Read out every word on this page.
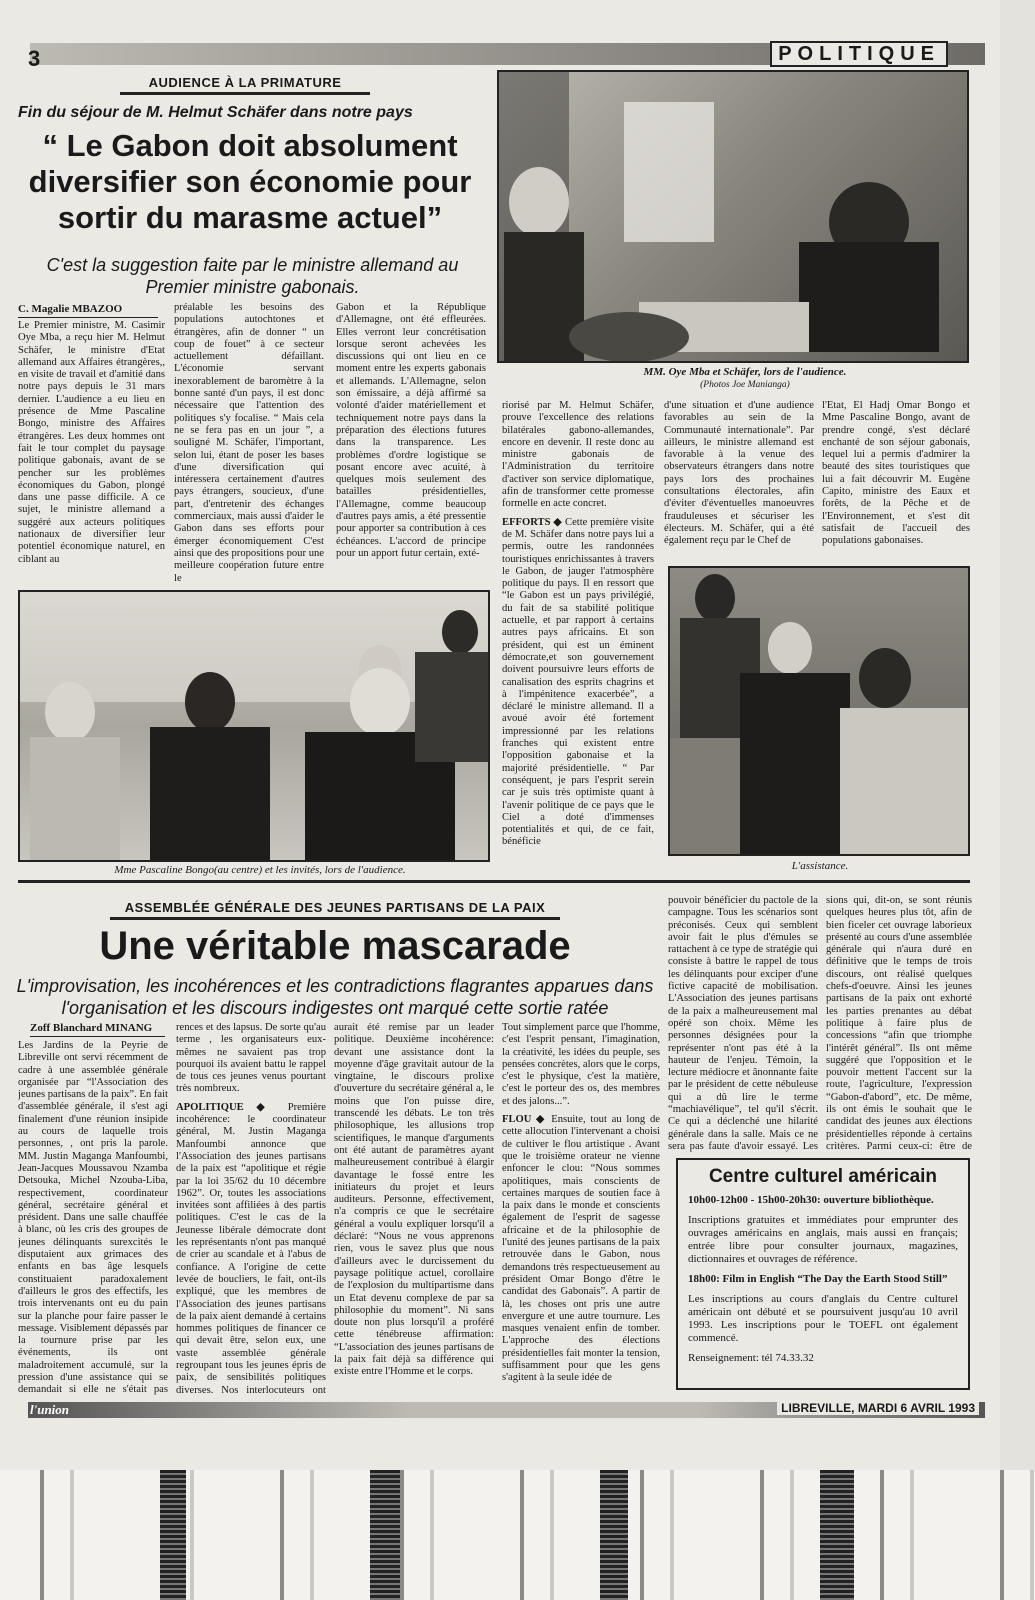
3	POLITIQUE
AUDIENCE À LA PRIMATURE
Fin du séjour de M. Helmut Schäfer dans notre pays
“ Le Gabon doit absolument diversifier son économie pour sortir du marasme actuel”
C'est la suggestion faite par le ministre allemand au Premier ministre gabonais.
C. Magalie MBAZOO

Le Premier ministre, M. Casimir Oye Mba, a reçu hier M. Helmut Schäfer, le ministre d'Etat allemand aux Affaires étrangères,, en visite de travail et d'amitié dans notre pays depuis le 31 mars dernier. L'audience a eu lieu en présence de Mme Pascaline Bongo, ministre des Affaires étrangères. Les deux hommes ont fait le tour complet du paysage politique gabonais, avant de se pencher sur les problèmes économiques du Gabon, plongé dans une passe difficile. A ce sujet, le ministre allemand a suggéré aux acteurs politiques nationaux de diversifier leur potentiel économique naturel, en ciblant au

préalable les besoins des populations autochtones et étrangères, afin de donner “ un coup de fouet” à ce secteur actuellement défaillant. L'économie servant inexorablement de baromètre à la bonne santé d'un pays, il est donc nécessaire que l'attention des politiques s'y focalise. “ Mais cela ne se fera pas en un jour ”, a souligné M. Schäfer, l'important, selon lui, étant de poser les bases d'une diversification qui intéressera certainement d'autres pays étrangers, soucieux, d'une part, d'entretenir des échanges commerciaux, mais aussi d'aider le Gabon dans ses efforts pour émerger économiquement C'est ainsi que des propositions pour une meilleure coopération future entre le

Gabon et la République d'Allemagne, ont été effleurées. Elles verront leur concrétisation lorsque seront achevées les discussions qui ont lieu en ce moment entre les experts gabonais et allemands. L'Allemagne, selon son émissaire, a déjà affirmé sa volonté d'aider matériellement et techniquement notre pays dans la préparation des élections futures dans la transparence. Les problèmes d'ordre logistique se posant encore avec acuité, à quelques mois seulement des batailles présidentielles, l'Allemagne, comme beaucoup d'autres pays amis, a été pressentie pour apporter sa contribution à ces échéances. L'accord de principe pour un apport futur certain, exté-

riorisé par M. Helmut Schäfer, prouve l'excellence des relations bilatérales gabono-allemandes, encore en devenir. Il reste donc au ministre gabonais de l'Administration du territoire d'activer son service diplomatique, afin de transformer cette promesse formelle en acte concret.

EFFORTS ◆ Cette première visite de M. Schäfer dans notre pays lui a permis, outre les randonnées touristiques enrichissantes à travers le Gabon, de jauger l'atmosphère politique du pays. Il en ressort que “le Gabon est un pays privilégié, du fait de sa stabilité politique actuelle, et par rapport à certains autres pays africains. Et son président, qui est un éminent démocrate,et son gouvernement doivent poursuivre leurs efforts de canalisation des esprits chagrins et à l'impénitence exacerbée”, a déclaré le ministre allemand. Il a avoué avoir été fortement impressionné par les relations franches qui existent entre l'opposition gabonaise et la majorité présidentielle. “ Par conséquent, je pars l'esprit serein car je suis très optimiste quant à l'avenir politique de ce pays que le Ciel a doté d'immenses potentialités et qui, de ce fait, bénéficie

d'une situation et d'une audience favorables au sein de la Communauté internationale”. Par ailleurs, le ministre allemand est favorable à la venue des observateurs étrangers dans notre pays lors des prochaines consultations électorales, afin d'éviter d'éventuelles manoeuvres frauduleuses et sécuriser les électeurs. M. Schäfer, qui a été également reçu par le Chef de

l'Etat, El Hadj Omar Bongo et Mme Pascaline Bongo, avant de prendre congé, s'est déclaré enchanté de son séjour gabonais, lequel lui a permis d'admirer la beauté des sites touristiques que lui a fait découvrir M. Eugène Capito, ministre des Eaux et forêts, de la Pêche et de l'Environnement, et s'est dit satisfait de l'accueil des populations gabonaises.

MM. Oye Mba et Schäfer, lors de l'audience.
(Photos Joe Maniangа)
Mme Pascaline Bongo(au centre) et les invités, lors de l'audience.	L'assistance.
ASSEMBLÉE GÉNÉRALE DES JEUNES PARTISANS DE LA PAIX
Une véritable mascarade
L'improvisation, les incohérences et les contradictions flagrantes apparues dans l'organisation et les discours indigestes ont marqué cette sortie ratée
Zoff Blanchard MINANG

Les Jardins de la Peyrie de Libreville ont servi récemment de cadre à une assemblée générale organisée par “l'Association des jeunes partisans de la paix”. En fait d'assemblée générale, il s'est agi finalement d'une réunion insipide au cours de laquelle trois personnes, , ont pris la parole. MM. Justin Maganga Manfoumbi, Jean-Jacques Moussavou Nzamba Detsouka, Michel Nzouba-Liba, respectivement, coordinateur général, secrétaire général et président. Dans une salle chauffée à blanc, où les cris des groupes de jeunes délinquants surexcités le disputaient aux grimaces des enfants en bas âge lesquels constituaient paradoxalement d'ailleurs le gros des effectifs, les trois intervenants ont eu du pain sur la planche pour faire passer le message. Visiblement dépassés par la tournure prise par les événements, ils ont maladroitement accumulé, sur la pression d'une assistance qui se demandait si elle ne s'était pas

rences et des lapsus. De sorte qu'au terme , les organisateurs eux-mêmes ne savaient pas trop pourquoi ils avaient battu le rappel de tous ces jeunes venus pourtant très nombreux.

APOLITIQUE ◆ Première incohérence: le coordinateur général, M. Justin Maganga Manfoumbi annonce que l'Association des jeunes partisans de la paix est “apolitique et régie par la loi 35/62 du 10 décembre 1962”. Or, toutes les associations invitées sont affiliées à des partis politiques. C'est le cas de la Jeunesse libérale démocrate dont les représentants n'ont pas manqué de crier au scandale et à l'abus de confiance. A l'origine de cette levée de boucliers, le fait, ont-ils expliqué, que les membres de l'Association des jeunes partisans de la paix aient demandé à certains hommes politiques de financer ce qui devait être, selon eux, une vaste assemblée générale regroupant tous les jeunes épris de paix, de sensibilités politiques diverses. Nos interlocuteurs ont

aurait été remise par un leader politique. Deuxième incohérence: devant une assistance dont la moyenne d'âge gravitait autour de la vingtaine, le discours prolixe d'ouverture du secrétaire général a, le moins que l'on puisse dire, transcendé les débats. Le ton très philosophique, les allusions trop scientifiques, le manque d'arguments ont été autant de paramètres ayant malheureusement contribué à élargir davantage le fossé entre les initiateurs du projet et leurs auditeurs. Personne, effectivement, n'a compris ce que le secrétaire général a voulu expliquer lorsqu'il a déclaré: “Nous ne vous apprenons rien, vous le savez plus que nous d'ailleurs avec le durcissement du paysage politique actuel, corollaire de l'explosion du multipartisme dans un Etat devenu complexe de par sa philosophie du moment”. Ni sans doute non plus lorsqu'il a proféré cette ténébreuse affirmation: “L'association des jeunes partisans de la paix fait déjà sa différence qui existe entre l'Homme et le corps.

Tout simplement parce que l'homme, c'est l'esprit pensant, l'imagination, la créativité, les idées du peuple, ses pensées concrètes, alors que le corps, c'est le physique, c'est la matière, c'est le porteur des os, des membres et des jalons...”.

FLOU ◆ Ensuite, tout au long de cette allocution l'intervenant a choisi de cultiver le flou artistique . Avant que le troisième orateur ne vienne enfoncer le clou: “Nous sommes apolitiques, mais conscients de certaines marques de soutien face à la paix dans le monde et conscients également de l'esprit de sagesse africaine et de la philosophie de l'unité des jeunes partisans de la paix retrouvée dans le Gabon, nous demandons très respectueusement au président Omar Bongo d'être le candidat des Gabonais”. A partir de là, les choses ont pris une autre envergure et une autre tournure. Les masques venaient enfin de tomber. L'approche des élections présidentielles fait monter la tension, suffisamment pour que les gens s'agitent à la seule idée de

pouvoir bénéficier du pactole de la campagne. Tous les scénarios sont préconisés. Ceux qui semblent avoir fait le plus d'émules se rattachent à ce type de stratégie qui consiste à battre le rappel de tous les délinquants pour exciper d'une fictive capacité de mobilisation. L'Association des jeunes partisans de la paix a malheureusement mal opéré son choix. Même les personnes désignées pour la représenter n'ont pas été à la hauteur de l'enjeu. Témoin, la lecture médiocre et ânonnante faite par le président de cette nébuleuse qui a dû lire le terme “machiavélique”, tel qu'il s'écrit. Ce qui a déclenché une hilarité générale dans la salle. Mais ce ne sera pas faute d'avoir essayé. Les

sions qui, dit-on, se sont réunis quelques heures plus tôt, afin de bien ficeler cet ouvrage laborieux présenté au cours d'une assemblée générale qui n'aura duré en définitive que le temps de trois discours, ont réalisé quelques chefs-d'oeuvre. Ainsi les jeunes partisans de la paix ont exhorté les parties prenantes au débat politique à faire plus de concessions “afin que triomphe l'intérêt général”. Ils ont même suggéré que l'opposition et le pouvoir mettent l'accent sur la route, l'agriculture, l'expression “Gabon-d'abord”, etc. De même, ils ont émis le souhait que le candidat des jeunes aux élections présidentielles réponde à certains critères. Parmi ceux-ci: être de

Centre culturel américain

10h00-12h00 - 15h00-20h30: ouverture bibliothèque.

Inscriptions gratuites et immédiates pour emprunter des ouvrages américains en anglais, mais aussi en français; entrée libre pour consulter journaux, magazines, dictionnaires et ouvrages de référence.

18h00: Film in English “The Day the Earth Stood Still”

Les inscriptions au cours d'anglais du Centre culturel américain ont débuté et se poursuivent jusqu'au 10 avril 1993. Les inscriptions pour le TOEFL ont également commencé.

Renseignement: tél 74.33.32

l'union	LIBREVILLE, MARDI 6 AVRIL 1993
